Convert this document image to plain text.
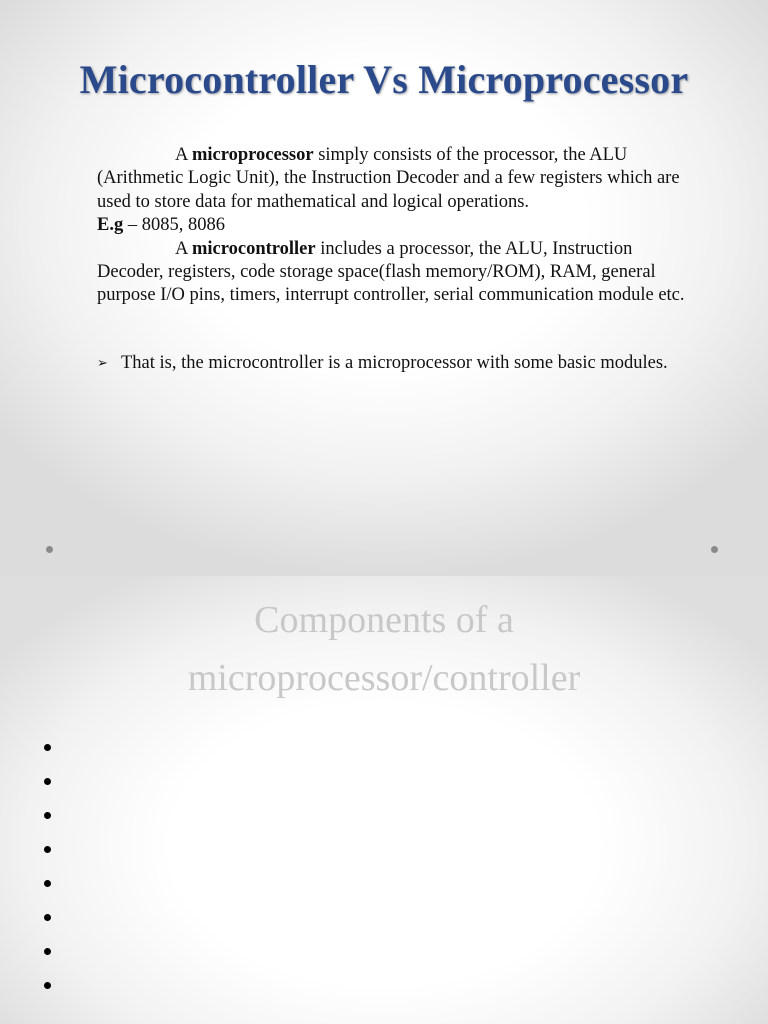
Microcontroller Vs Microprocessor

A microprocessor simply consists of the processor, the ALU (Arithmetic Logic Unit), the Instruction Decoder and a few registers which are used to store data for mathematical and logical operations.

E.g – 8085, 8086

A microcontroller includes a processor, the ALU, Instruction Decoder, registers, code storage space(flash memory/ROM), RAM, general purpose I/O pins, timers, interrupt controller, serial communication module etc.

➢ That is, the microcontroller is a microprocessor with some basic modules.
Components of a
microprocessor/controller
